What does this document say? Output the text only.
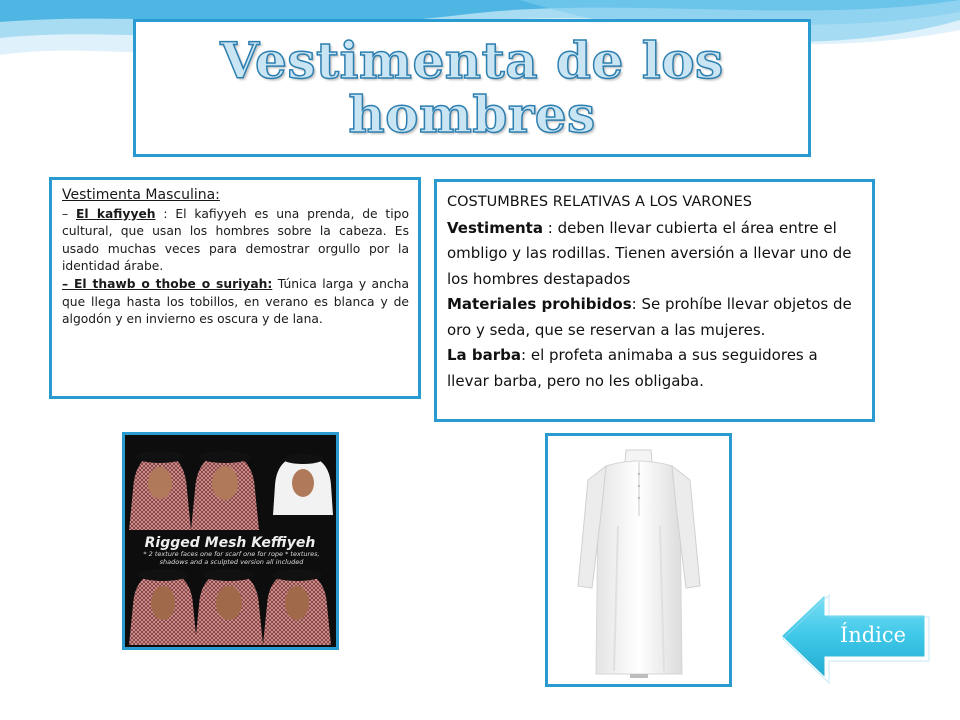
Vestimenta de los
hombres

Vestimenta Masculina:

– El kafiyyeh : El kafiyyeh es una prenda, de tipo cultural, que usan los hombres sobre la cabeza. Es usado muchas veces para demostrar orgullo por la identidad árabe.

– El thawb o thobe o suriyah: Túnica larga y ancha que llega hasta los tobillos, en verano es blanca y de algodón y en invierno es oscura y de lana.

COSTUMBRES RELATIVAS A LOS VARONES

Vestimenta : deben llevar cubierta el área entre el ombligo y las rodillas. Tienen aversión a llevar uno de los hombres destapados

Materiales prohibidos: Se prohíbe llevar objetos de oro y seda, que se reservan a las mujeres.

La barba: el profeta animaba a sus seguidores a llevar barba, pero no les obligaba.

Rigged Mesh Keffiyeh
* 2 texture faces one for scarf one for rope * textures, shadows and a sculpted version all included
Índice
